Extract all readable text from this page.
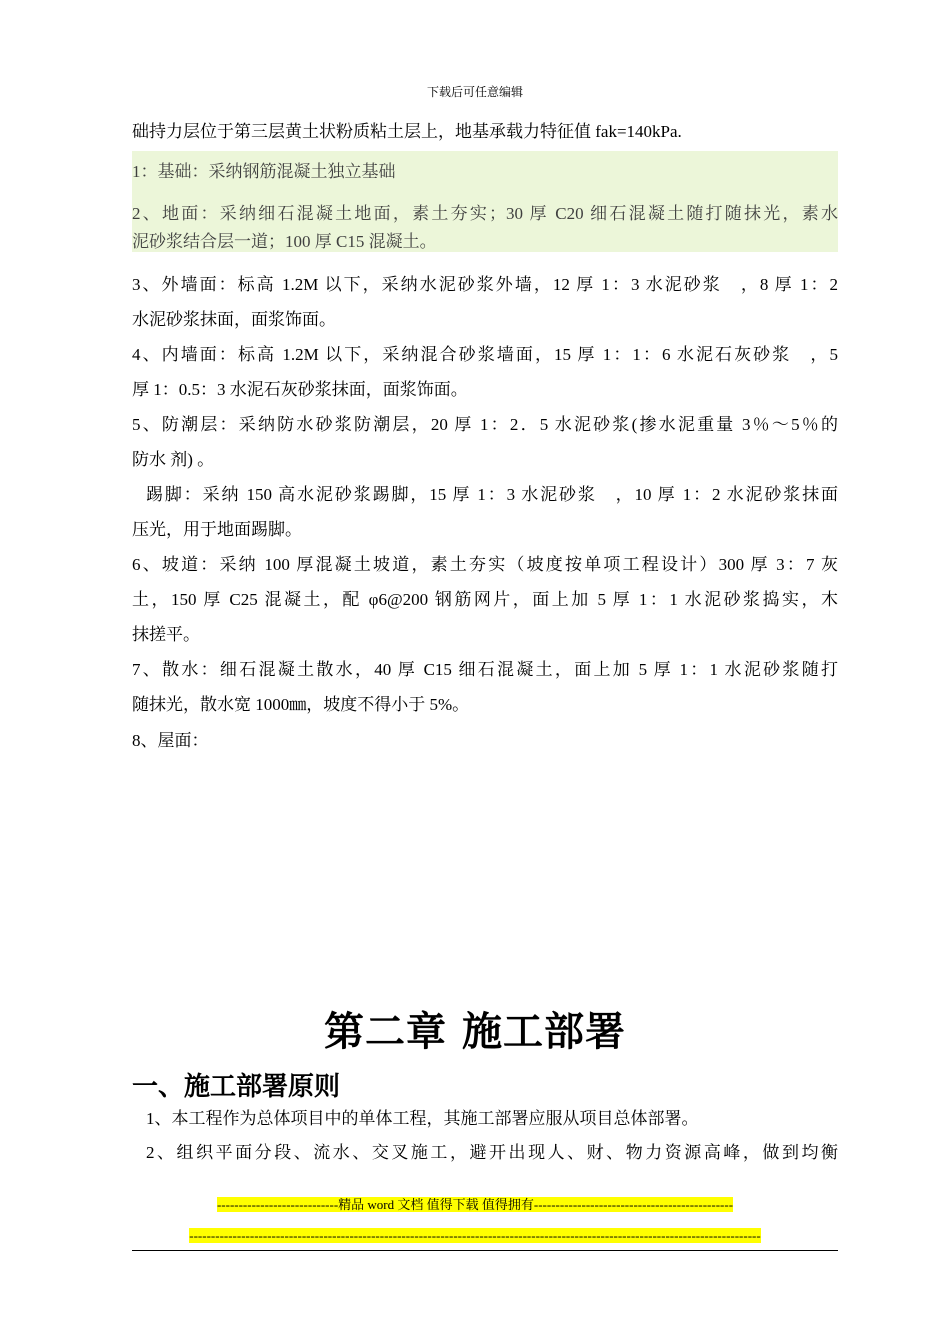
下载后可任意编辑
础持力层位于第三层黄土状粉质粘土层上，地基承载力特征值 fak=140kPa.
1：基础：采纳钢筋混凝土独立基础
2、地面：采纳细石混凝土地面，素土夯实；30 厚 C20 细石混凝土随打随抹光，素水
泥砂浆结合层一道；100 厚 C15 混凝土。
3、外墙面：标高 1.2M 以下，采纳水泥砂浆外墙，12 厚 1：3 水泥砂浆　，8 厚 1：2
水泥砂浆抹面，面浆饰面。
4、内墙面：标高 1.2M 以下，采纳混合砂浆墙面，15 厚 1：1：6 水泥石灰砂浆　，5
厚 1：0.5：3 水泥石灰砂浆抹面，面浆饰面。
5、防潮层：采纳防水砂浆防潮层，20 厚 1：2．5 水泥砂浆(掺水泥重量 3％～5％的
防水 剂) 。
踢脚：采纳 150 高水泥砂浆踢脚，15 厚 1：3 水泥砂浆　，10 厚 1：2 水泥砂浆抹面
压光，用于地面踢脚。
6、坡道：采纳 100 厚混凝土坡道，素土夯实（坡度按单项工程设计）300 厚 3：7 灰
土，150 厚 C25 混凝土，配 φ6@200 钢筋网片，面上加 5 厚 1：1 水泥砂浆捣实，木
抹搓平。
7、散水：细石混凝土散水，40 厚 C15 细石混凝土，面上加 5 厚 1：1 水泥砂浆随打
随抹光，散水宽 1000㎜，坡度不得小于 5%。
8、屋面：
第二章 施工部署
一、施工部署原则
1、本工程作为总体项目中的单体工程，其施工部署应服从项目总体部署。
2、组织平面分段、流水、交叉施工，避开出现人、财、物力资源高峰，做到均衡
----------------------------精品 word 文档 值得下载 值得拥有----------------------------------------------
------------------------------------------------------------------------------------------------------------------------------------
